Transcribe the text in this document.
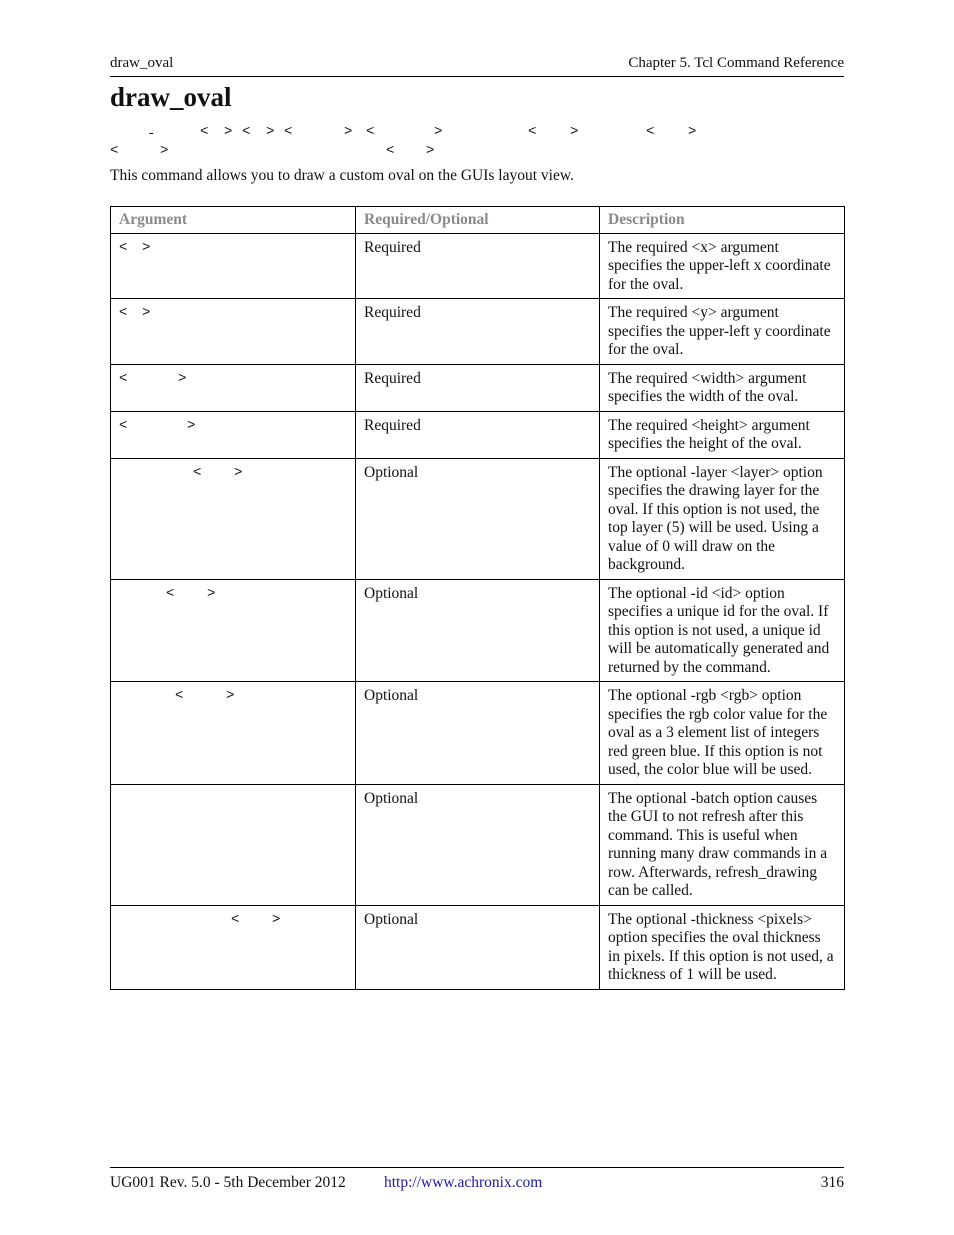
draw_oval	Chapter 5. Tcl Command Reference
draw_oval
-	< > < > <	> <	>	< >	< >
<	>	< >
This command allows you to draw a custom oval on the GUIs layout view.
Argument	Required/Optional	Description

< >	Required	The required <x> argument specifies the upper-left x coordinate for the oval.

< >	Required	The required <y> argument specifies the upper-left y coordinate for the oval.

< >	Required	The required <width> argument specifies the width of the oval.

< >	Required	The required <height> argument specifies the height of the oval.

< >	Optional	The optional -layer <layer> option specifies the drawing layer for the oval. If this option is not used, the top layer (5) will be used. Using a value of 0 will draw on the background.

< >	Optional	The optional -id <id> option specifies a unique id for the oval. If this option is not used, a unique id will be automatically generated and returned by the command.

< >	Optional	The optional -rgb <rgb> option specifies the rgb color value for the oval as a 3 element list of integers red green blue. If this option is not used, the color blue will be used.

	Optional	The optional -batch option causes the GUI to not refresh after this command. This is useful when running many draw commands in a row. Afterwards, refresh_drawing can be called.

< >	Optional	The optional -thickness <pixels> option specifies the oval thickness in pixels. If this option is not used, a thickness of 1 will be used.
UG001 Rev. 5.0 - 5th December 2012 http://www.achronix.com	316
